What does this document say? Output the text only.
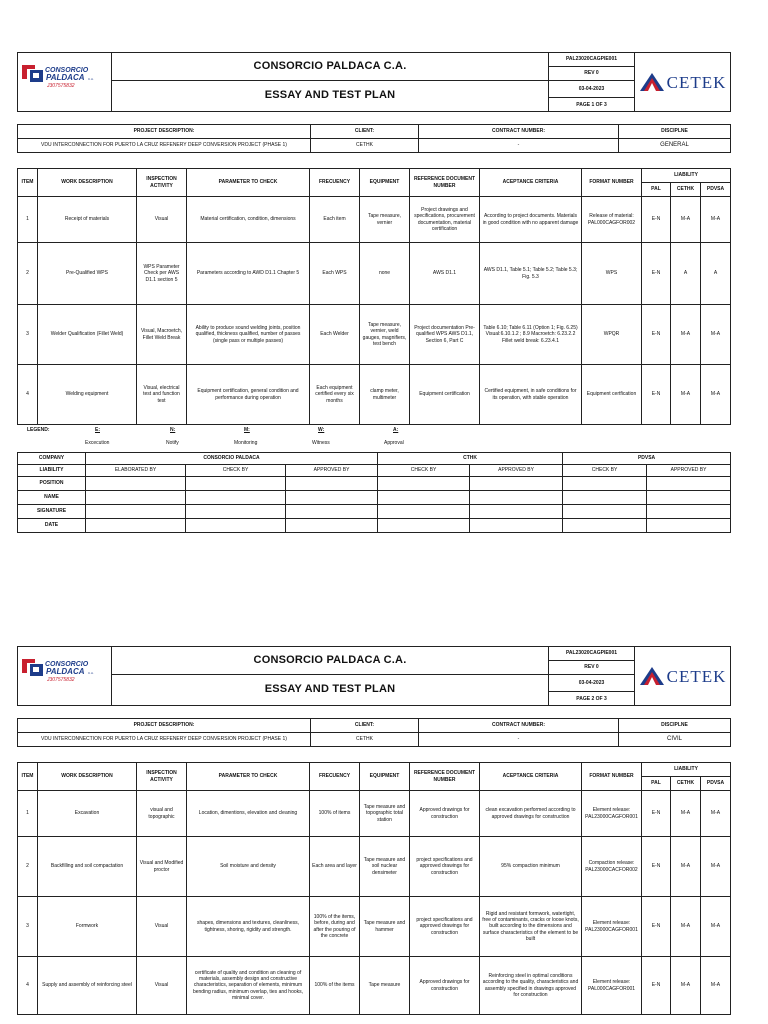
CONSORCIO
PALDACA C.A.
J307575832	CONSORCIO PALDACA C.A.	PAL23020CAGPIE001	CETEK

		REV 0	
	ESSAY AND TEST PLAN	03-04-2023	
		PAGE 1 OF 3	
PROJECT DESCRIPTION:	CLIENT:	CONTRACT NUMBER:	DISCIPLNE
VDU INTERCONNECTION FOR PUERTO LA CRUZ REFENERY DEEP CONVERSION PROJECT (PHASE 1)	CETHK	-	GENERAL
ITEM	WORK DESCRIPTION	INSPECTION ACTIVITY	PARAMETER TO CHECK	FRECUENCY	EQUIPMENT	REFERENCE DOCUMENT NUMBER	ACEPTANCE CRITERIA	FORMAT NUMBER	LIABILITY		
									PAL	CETHK	PDVSA
1	Receipt of materials	Visual	Material certification, condition, dimensions	Each item	Tape measure, vernier	Project drawings and specifications, procurement documentation, material certification	According to project documents. Materials in good condition with no apparent damage	Release of material: PAL000CAGFOR002	E-N	M-A	M-A
2	Pre-Qualified WPS	WPS Parameter Check per AWS D1.1 section 5	Parameters according to AWD D1.1 Chapter 5	Each WPS	none	AWS D1.1	AWS D1.1, Table 5.1; Table 5.2; Table 5.3; Fig. 5.3	WPS	E-N	A	A
3	Welder Qualification (Fillet Weld)	Visual, Macroetch, Fillet Weld Break	Ability to produce sound welding joints, position qualified, thickness qualified, number of passes (single pass or multiple passes)	Each Welder	Tape measure, vernier, weld gauges, magnifiers, test bench	Project documentation Pre-qualified WPS AWS D1.1, Section 6, Part C	Table 6.10; Table 6.11 (Option 1; Fig. 6.25) Visual:6.10.1.2 ; 8.9 Macroetch: 6.23.2.2 Fillet weld break: 6.23.4.1	WPQR	E-N	M-A	M-A
4	Welding equipment	Visual, electrical test and function test	Equipment certification, general condition and performance during operation	Each equipment certified every six months	clamp meter, multimeter	Equipment certification	Certified equipment, in safe conditions for its operation, with stable operation	Equipment certfication	E-N	M-A	M-A
LEGEND:	E:
Excecution
N:
Notify
M:
Monitoring
W:
Witness
A:
Approval
COMPANY	CONSORCIO PALDACA			CTHK		PDVSA	
LIABILITY	ELABORATED BY	CHECK BY	APPROVED BY	CHECK BY	APPROVED BY	CHECK BY	APPROVED BY
POSITION							
NAME							
SIGNATURE							
DATE							
CONSORCIO
PALDACA C.A.
J307575832	CONSORCIO PALDACA C.A.	PAL23020CAGPIE001	CETEK

		REV 0	
	ESSAY AND TEST PLAN	03-04-2023	
		PAGE 2 OF 3	
PROJECT DESCRIPTION:	CLIENT:	CONTRACT NUMBER:	DISCIPLNE
VDU INTERCONNECTION FOR PUERTO LA CRUZ REFENERY DEEP CONVERSION PROJECT (PHASE 1)	CETHK	-	CIVIL
ITEM	WORK DESCRIPTION	INSPECTION ACTIVITY	PARAMETER TO CHECK	FRECUENCY	EQUIPMENT	REFERENCE DOCUMENT NUMBER	ACEPTANCE CRITERIA	FORMAT NUMBER	LIABILITY		
									PAL	CETHK	PDVSA
1	Excavation	visual and topographic	Location, dimentions, elevation and cleaning	100% of items	Tape measure and topographic total station	Approved drawings for construction	clean excavation performed according to approved drawings for construction	Element release: PAL23000CAGFOR001	E-N	M-A	M-A
2	Backfilling and soil compactation	Visual and Modified proctor	Soil moisture and density	Each area and layer	Tape measure and soil nuclear densimeter	project specifications and approved drawings for construction	95% compaction minimum	Compaction release: PAL23000CACFOR002	E-N	M-A	M-A
3	Formwork	Visual	shapes, dimensions and textures, cleanliness, tightness, shoring, rigidity and strength.	100% of the items, before, during and after the pouring of the concrete	Tape measure and hammer	project specifications and approved drawings for construction	Rigid and resistant formwork, watertight, free of contaminants, cracks or loose knots, built according to the dimensions and surface characteristics of the element to be built	Element release: PAL23000CAGFOR001	E-N	M-A	M-A
4	Supply and assembly of reinforcing steel	Visual	certificate of quality and condition an cleaning of materials, assembly design and constructive characteristics, separation of elements, minimum bending radius, minimum overlap, ties and hooks, minimal cover.	100% of the items	Tape measure	Approved drawings for construction	Reinforcing steel in optimal conditions according to the quality, characteristics and assembly specified in drawings approved for construction	Element release: PAL000CAGFOR001	E-N	M-A	M-A
